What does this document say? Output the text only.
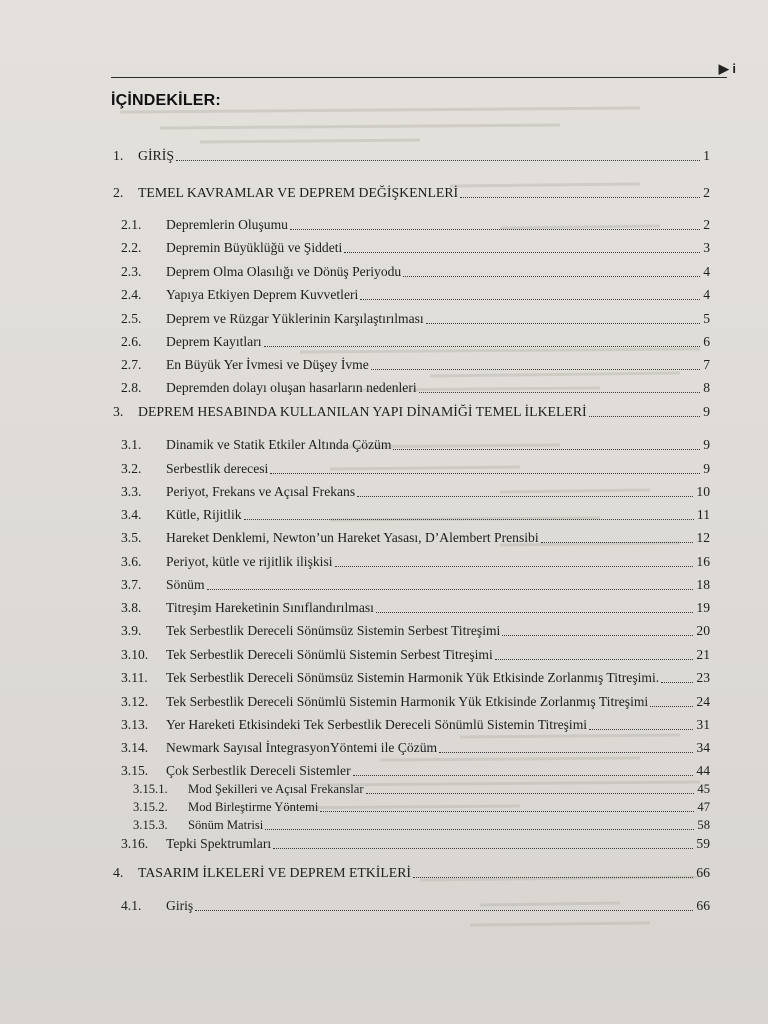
▶ i
İÇİNDEKİLER:
1.	GİRİŞ	1
2.	TEMEL KAVRAMLAR VE DEPREM DEĞİŞKENLERİ	2
2.1.	Depremlerin Oluşumu	2
2.2.	Depremin Büyüklüğü ve Şiddeti	3
2.3.	Deprem Olma Olasılığı ve Dönüş Periyodu	4
2.4.	Yapıya Etkiyen Deprem Kuvvetleri	4
2.5.	Deprem ve Rüzgar Yüklerinin Karşılaştırılması	5
2.6.	Deprem Kayıtları	6
2.7.	En Büyük Yer İvmesi ve Düşey İvme	7
2.8.	Depremden dolayı oluşan hasarların nedenleri	8
3.	DEPREM HESABINDA KULLANILAN YAPI DİNAMİĞİ TEMEL İLKELERİ	9
3.1.	Dinamik ve Statik Etkiler Altında Çözüm	9
3.2.	Serbestlik derecesi	9
3.3.	Periyot, Frekans ve Açısal Frekans	10
3.4.	Kütle, Rijitlik	11
3.5.	Hareket Denklemi, Newton’un Hareket Yasası, D’Alembert Prensibi	12
3.6.	Periyot, kütle ve rijitlik ilişkisi	16
3.7.	Sönüm	18
3.8.	Titreşim Hareketinin Sınıflandırılması	19
3.9.	Tek Serbestlik Dereceli Sönümsüz Sistemin Serbest Titreşimi	20
3.10.	Tek Serbestlik Dereceli Sönümlü Sistemin Serbest Titreşimi	21
3.11.	Tek Serbestlik Dereceli Sönümsüz Sistemin Harmonik Yük Etkisinde Zorlanmış Titreşimi.	23
3.12.	Tek Serbestlik Dereceli Sönümlü Sistemin Harmonik Yük Etkisinde Zorlanmış Titreşimi	24
3.13.	Yer Hareketi Etkisindeki Tek Serbestlik Dereceli Sönümlü Sistemin Titreşimi	31
3.14.	Newmark Sayısal İntegrasyonYöntemi ile Çözüm	34
3.15.	Çok Serbestlik Dereceli Sistemler	44
3.15.1.	Mod Şekilleri ve Açısal Frekanslar	45
3.15.2.	Mod Birleştirme Yöntemi	47
3.15.3.	Sönüm Matrisi	58
3.16.	Tepki Spektrumları	59
4.	TASARIM İLKELERİ VE DEPREM ETKİLERİ	66
4.1.	Giriş	66
